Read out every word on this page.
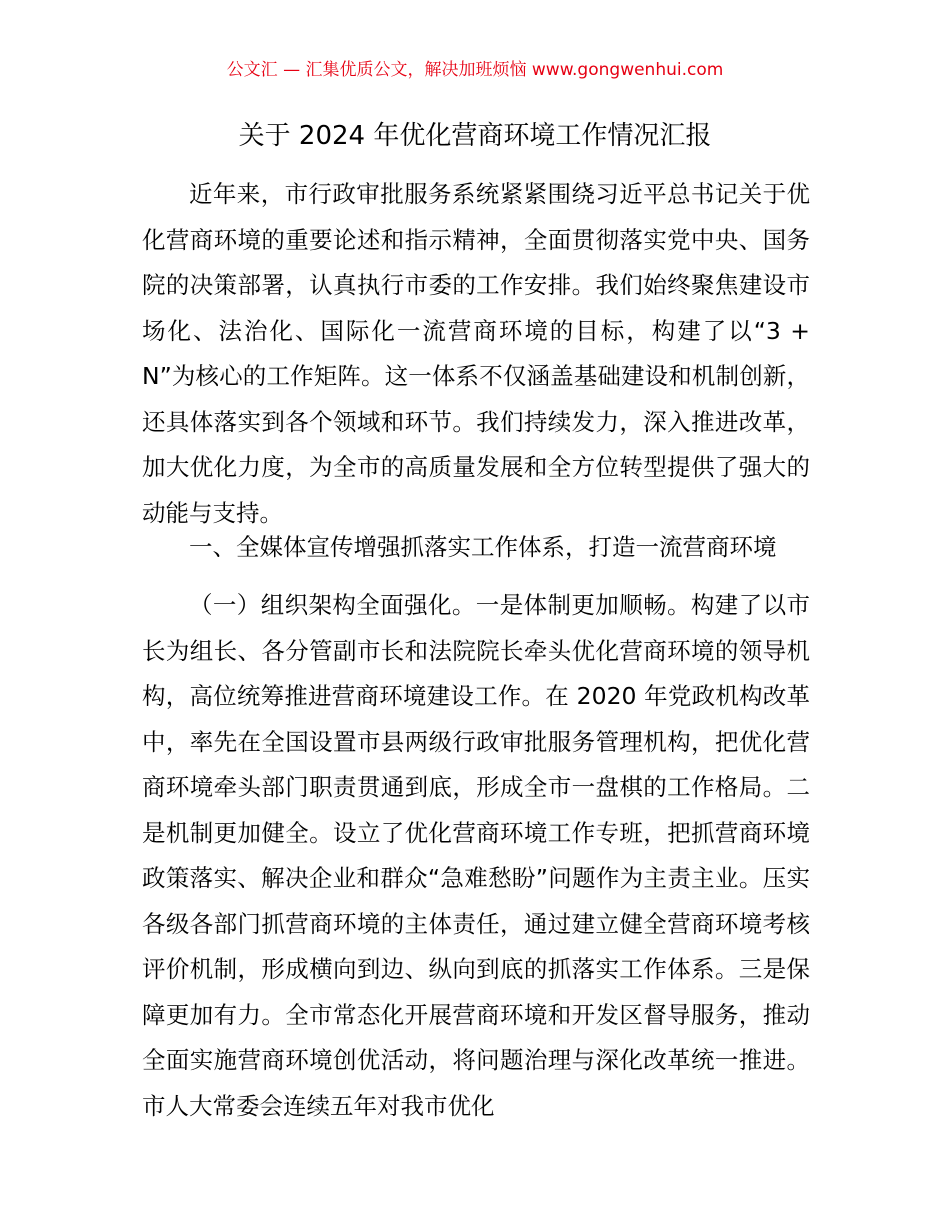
公文汇 — 汇集优质公文，解决加班烦恼 www.gongwenhui.com
关于 2024 年优化营商环境工作情况汇报

近年来，市行政审批服务系统紧紧围绕习近平总书记关于优化营商环境的重要论述和指示精神，全面贯彻落实党中央、国务院的决策部署，认真执行市委的工作安排。我们始终聚焦建设市场化、法治化、国际化一流营商环境的目标，构建了以“3 + N”为核心的工作矩阵。这一体系不仅涵盖基础建设和机制创新，还具体落实到各个领域和环节。我们持续发力，深入推进改革，加大优化力度，为全市的高质量发展和全方位转型提供了强大的动能与支持。

一、全媒体宣传增强抓落实工作体系，打造一流营商环境

（一）组织架构全面强化。一是体制更加顺畅。构建了以市长为组长、各分管副市长和法院院长牵头优化营商环境的领导机构，高位统筹推进营商环境建设工作。在 2020 年党政机构改革中，率先在全国设置市县两级行政审批服务管理机构，把优化营商环境牵头部门职责贯通到底，形成全市一盘棋的工作格局。二是机制更加健全。设立了优化营商环境工作专班，把抓营商环境政策落实、解决企业和群众“急难愁盼”问题作为主责主业。压实各级各部门抓营商环境的主体责任，通过建立健全营商环境考核评价机制，形成横向到边、纵向到底的抓落实工作体系。三是保障更加有力。全市常态化开展营商环境和开发区督导服务，推动全面实施营商环境创优活动，将问题治理与深化改革统一推进。市人大常委会连续五年对我市优化
